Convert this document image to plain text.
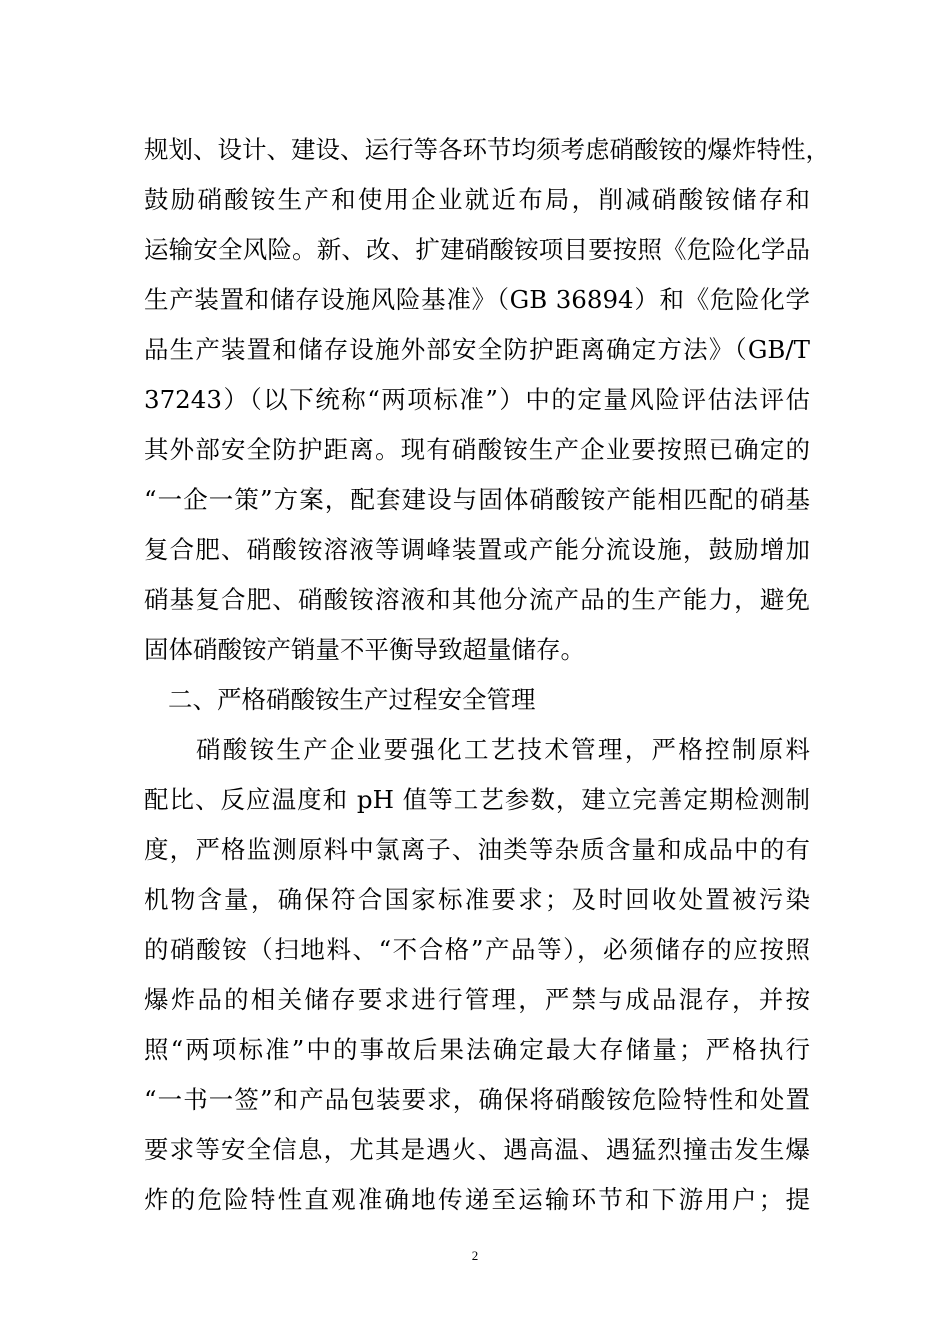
规划、设计、建设、运行等各环节均须考虑硝酸铵的爆炸特性，
鼓励硝酸铵生产和使用企业就近布局，削减硝酸铵储存和
运输安全风险。新、改、扩建硝酸铵项目要按照《危险化学品
生产装置和储存设施风险基准》（GB 36894）和《危险化学
品生产装置和储存设施外部安全防护距离确定方法》（GB/T
37243）（以下统称“两项标准”）中的定量风险评估法评估
其外部安全防护距离。现有硝酸铵生产企业要按照已确定的
“一企一策”方案，配套建设与固体硝酸铵产能相匹配的硝基
复合肥、硝酸铵溶液等调峰装置或产能分流设施，鼓励增加
硝基复合肥、硝酸铵溶液和其他分流产品的生产能力，避免
固体硝酸铵产销量不平衡导致超量储存。
二、严格硝酸铵生产过程安全管理
硝酸铵生产企业要强化工艺技术管理，严格控制原料
配比、反应温度和 pH 值等工艺参数，建立完善定期检测制
度，严格监测原料中氯离子、油类等杂质含量和成品中的有
机物含量，确保符合国家标准要求；及时回收处置被污染
的硝酸铵（扫地料、“不合格”产品等），必须储存的应按照
爆炸品的相关储存要求进行管理，严禁与成品混存，并按
照“两项标准”中的事故后果法确定最大存储量；严格执行
“一书一签”和产品包装要求，确保将硝酸铵危险特性和处置
要求等安全信息，尤其是遇火、遇高温、遇猛烈撞击发生爆
炸的危险特性直观准确地传递至运输环节和下游用户；提
2
